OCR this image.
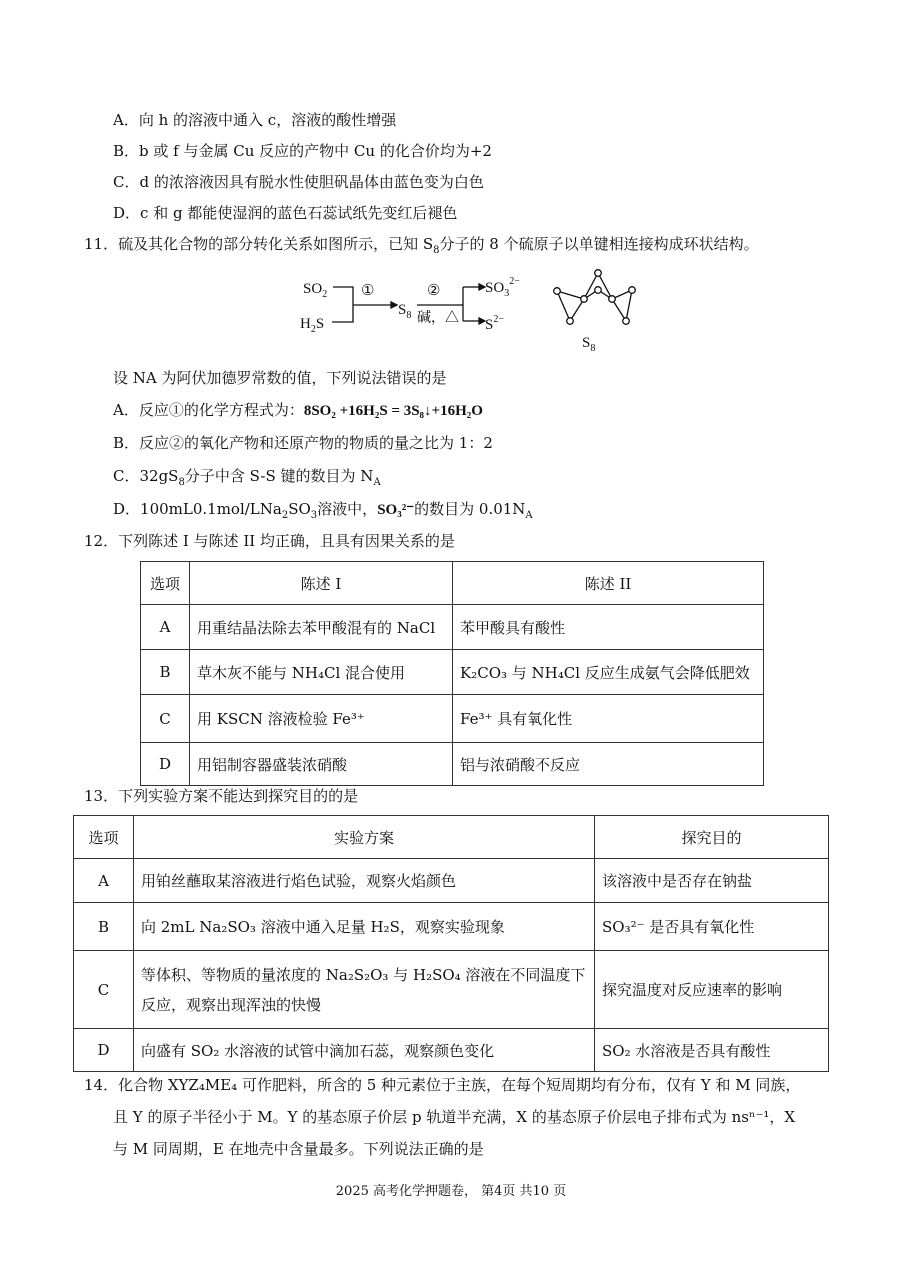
A．向 h 的溶液中通入 c，溶液的酸性增强
B．b 或 f 与金属 Cu 反应的产物中 Cu 的化合价均为+2
C．d 的浓溶液因具有脱水性使胆矾晶体由蓝色变为白色
D．c 和 g 都能使湿润的蓝色石蕊试纸先变红后褪色
11．硫及其化合物的部分转化关系如图所示，已知 $S_8$分子的 8 个硫原子以单键相连接构成环状结构。
$SO_2$
$H_2S$
①
$S_8$
②
碱，△
$SO_3^{2-}$
$S^{2-}$
$S_8$
设 NA 为阿伏加德罗常数的值，下列说法错误的是
A．反应①的化学方程式为：8SO₂ +16H₂S = 3S₈↓+16H₂O
B．反应②的氧化产物和还原产物的物质的量之比为 1：2
C．$32gS_8$分子中含 S-S 键的数目为 $N_A$
D．$100mL0.1mol/LNa_2SO_3$溶液中，SO₃²⁻的数目为 $0.01N_A$
12．下列陈述 I 与陈述 II 均正确，且具有因果关系的是
选项	陈述 I	陈述 II
A	用重结晶法除去苯甲酸混有的 NaCl	苯甲酸具有酸性
B	草木灰不能与 NH₄Cl 混合使用	K₂CO₃ 与 NH₄Cl 反应生成氨气会降低肥效
C	用 KSCN 溶液检验 Fe³⁺	Fe³⁺ 具有氧化性
D	用铝制容器盛装浓硝酸	铝与浓硝酸不反应
13．下列实验方案不能达到探究目的的是
选项	实验方案	探究目的
A	用铂丝蘸取某溶液进行焰色试验，观察火焰颜色	该溶液中是否存在钠盐
B	向 2mL Na₂SO₃ 溶液中通入足量 H₂S，观察实验现象	SO₃²⁻ 是否具有氧化性
C	等体积、等物质的量浓度的 Na₂S₂O₃ 与 H₂SO₄ 溶液在不同温度下反应，观察出现浑浊的快慢	探究温度对反应速率的影响
D	向盛有 SO₂ 水溶液的试管中滴加石蕊，观察颜色变化	SO₂ 水溶液是否具有酸性
14．化合物 XYZ₄ME₄ 可作肥料，所含的 5 种元素位于主族，在每个短周期均有分布，仅有 Y 和 M 同族，
且 Y 的原子半径小于 M。Y 的基态原子价层 p 轨道半充满，X 的基态原子价层电子排布式为 nsⁿ⁻¹，X
与 M 同周期，E 在地壳中含量最多。下列说法正确的是
2025 高考化学押题卷， 第4页 共10 页
